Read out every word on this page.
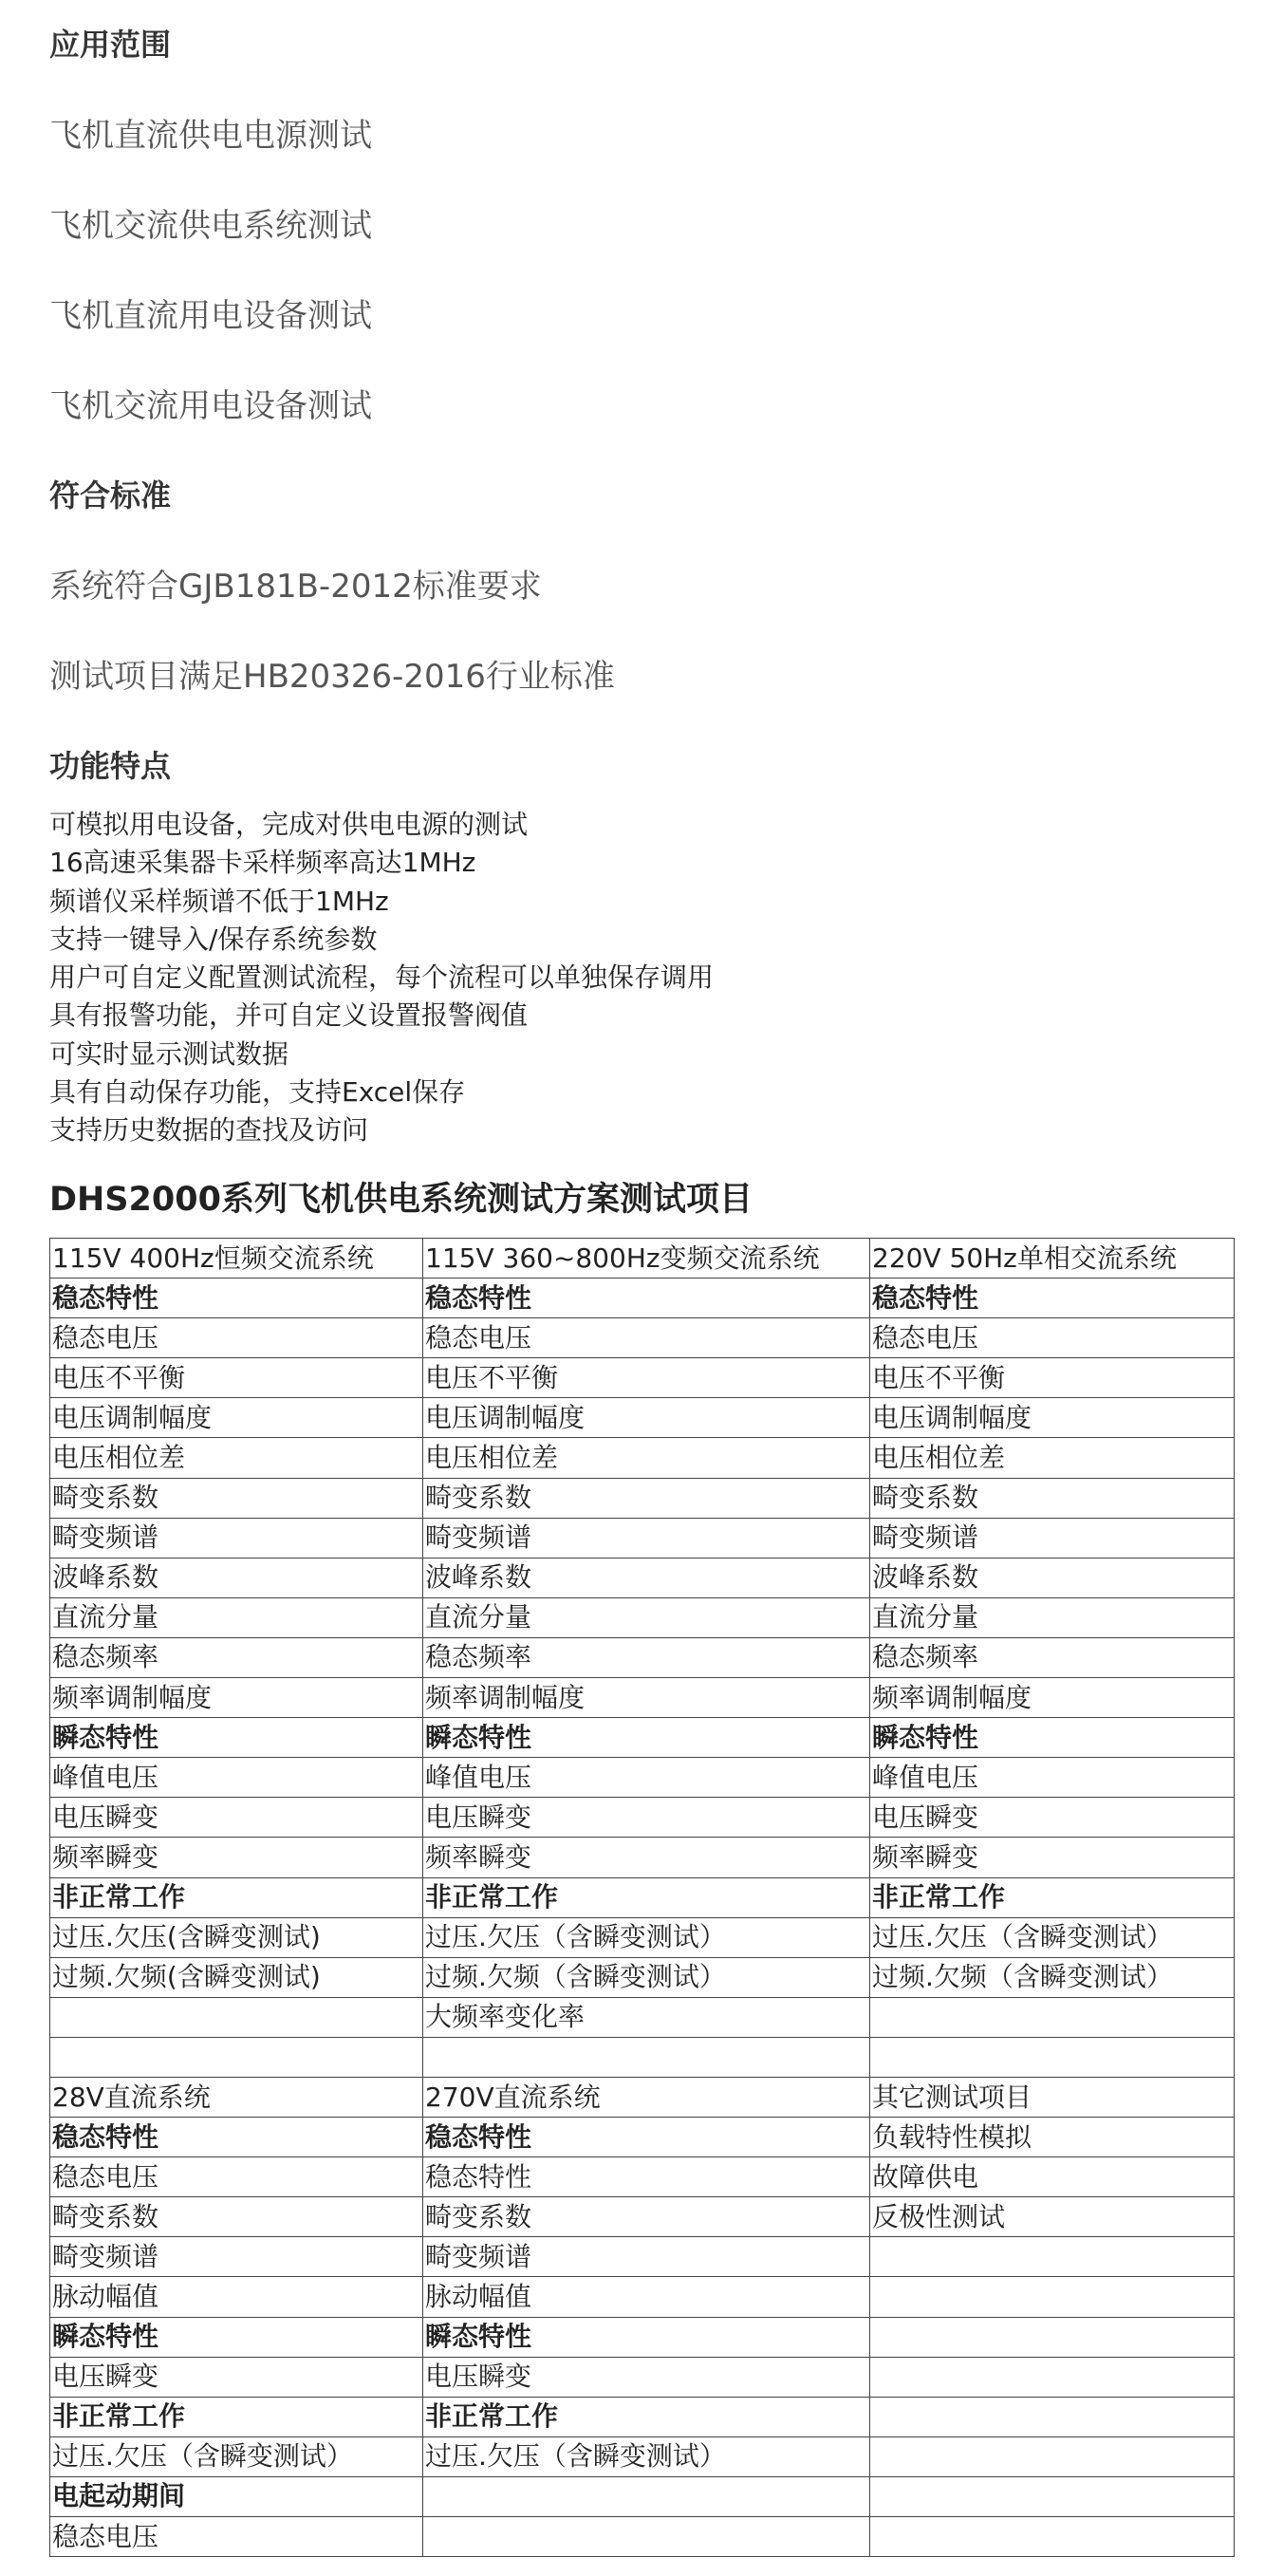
应用范围

飞机直流供电电源测试

飞机交流供电系统测试

飞机直流用电设备测试

飞机交流用电设备测试

符合标准

系统符合GJB181B-2012标准要求

测试项目满足HB20326-2016行业标准

功能特点
可模拟用电设备，完成对供电电源的测试
16高速采集器卡采样频率高达1MHz
频谱仪采样频谱不低于1MHz
支持一键导入/保存系统参数
用户可自定义配置测试流程，每个流程可以单独保存调用
具有报警功能，并可自定义设置报警阀值
可实时显示测试数据
具有自动保存功能，支持Excel保存
支持历史数据的查找及访问
DHS2000系列飞机供电系统测试方案测试项目
115V 400Hz恒频交流系统	115V 360~800Hz变频交流系统	220V 50Hz单相交流系统
稳态特性	稳态特性	稳态特性
稳态电压	稳态电压	稳态电压
电压不平衡	电压不平衡	电压不平衡
电压调制幅度	电压调制幅度	电压调制幅度
电压相位差	电压相位差	电压相位差
畸变系数	畸变系数	畸变系数
畸变频谱	畸变频谱	畸变频谱
波峰系数	波峰系数	波峰系数
直流分量	直流分量	直流分量
稳态频率	稳态频率	稳态频率
频率调制幅度	频率调制幅度	频率调制幅度
瞬态特性	瞬态特性	瞬态特性
峰值电压	峰值电压	峰值电压
电压瞬变	电压瞬变	电压瞬变
频率瞬变	频率瞬变	频率瞬变
非正常工作	非正常工作	非正常工作
过压.欠压(含瞬变测试)	过压.欠压（含瞬变测试）	过压.欠压（含瞬变测试）
过频.欠频(含瞬变测试)	过频.欠频（含瞬变测试）	过频.欠频（含瞬变测试）
	大频率变化率	

28V直流系统	270V直流系统	其它测试项目
稳态特性	稳态特性	负载特性模拟
稳态电压	稳态特性	故障供电
畸变系数	畸变系数	反极性测试
畸变频谱	畸变频谱	
脉动幅值	脉动幅值	
瞬态特性	瞬态特性	
电压瞬变	电压瞬变	
非正常工作	非正常工作	
过压.欠压（含瞬变测试）	过压.欠压（含瞬变测试）	
电起动期间		
稳态电压		
